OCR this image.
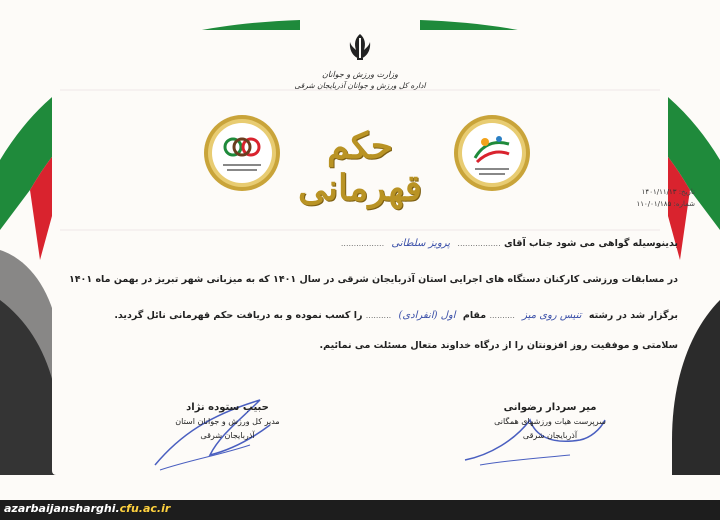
وزارت ورزش و جوانان
اداره کل ورزش و جوانان آذربایجان شرقی
حکم قهرمانی	تاریخ: ۱۴۰۱/۱۱/۱۳
شماره: ۱۱۰/۰۱/۱۸۵
بدینوسیله گواهی می شود جناب آقای ................. پرویز سلطانی .................
در مسابقات ورزشی کارکنان دستگاه های اجرایی استان آذربایجان شرقی در سال ۱۴۰۱ که به میزبانی شهر تبریز در بهمن ماه ۱۴۰۱
برگزار شد در رشته تنیس روی میز .......... مقام اول (انفرادی) .......... را کسب نموده و به دریافت حکم قهرمانی نائل گردید.
سلامتی و موفقیت روز افزونتان را از درگاه خداوند متعال مسئلت می نمائیم.
حبیب ستوده نژاد
مدیر کل ورزش و جوانان استان
آذربایجان شرقی
میر سردار رضوانی
سرپرست هیات ورزشهای همگانی
آذربایجان شرقی
azarbaijansharghi.cfu.ac.ir
